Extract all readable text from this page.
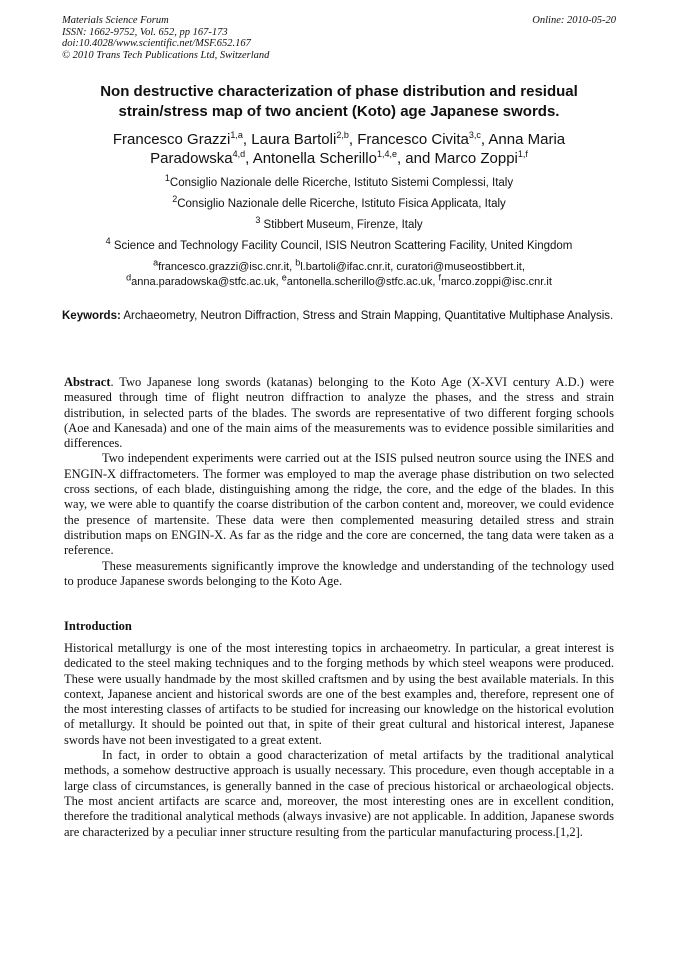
Materials Science Forum
ISSN: 1662-9752, Vol. 652, pp 167-173
doi:10.4028/www.scientific.net/MSF.652.167
© 2010 Trans Tech Publications Ltd, Switzerland
Online: 2010-05-20
Non destructive characterization of phase distribution and residual strain/stress map of two ancient (Koto) age Japanese swords.
Francesco Grazzi$^{1,a}$, Laura Bartoli$^{2,b}$, Francesco Civita$^{3,c}$, Anna Maria Paradowska$^{4,d}$, Antonella Scherillo$^{1,4,e}$, and Marco Zoppi$^{1,f}$
$^1$Consiglio Nazionale delle Ricerche, Istituto Sistemi Complessi, Italy
$^2$Consiglio Nazionale delle Ricerche, Istituto Fisica Applicata, Italy
$^3$ Stibbert Museum, Firenze, Italy
$^4$ Science and Technology Facility Council, ISIS Neutron Scattering Facility, United Kingdom
$^a$francesco.grazzi@isc.cnr.it, $^b$l.bartoli@ifac.cnr.it, curatori@museostibbert.it,
$^d$anna.paradowska@stfc.ac.uk, $^e$antonella.scherillo@stfc.ac.uk, $^f$marco.zoppi@isc.cnr.it
Keywords: Archaeometry, Neutron Diffraction, Stress and Strain Mapping, Quantitative Multiphase Analysis.

Abstract. Two Japanese long swords (katanas) belonging to the Koto Age (X-XVI century A.D.) were measured through time of flight neutron diffraction to analyze the phases, and the stress and strain distribution, in selected parts of the blades. The swords are representative of two different forging schools (Aoe and Kanesada) and one of the main aims of the measurements was to evidence possible similarities and differences.

Two independent experiments were carried out at the ISIS pulsed neutron source using the INES and ENGIN-X diffractometers. The former was employed to map the average phase distribution on two selected cross sections, of each blade, distinguishing among the ridge, the core, and the edge of the blades. In this way, we were able to quantify the coarse distribution of the carbon content and, moreover, we could evidence the presence of martensite. These data were then complemented measuring detailed stress and strain distribution maps on ENGIN-X. As far as the ridge and the core are concerned, the tang data were taken as a reference.

These measurements significantly improve the knowledge and understanding of the technology used to produce Japanese swords belonging to the Koto Age.

Introduction

Historical metallurgy is one of the most interesting topics in archaeometry. In particular, a great interest is dedicated to the steel making techniques and to the forging methods by which steel weapons were produced. These were usually handmade by the most skilled craftsmen and by using the best available materials. In this context, Japanese ancient and historical swords are one of the best examples and, therefore, represent one of the most interesting classes of artifacts to be studied for increasing our knowledge on the historical evolution of metallurgy. It should be pointed out that, in spite of their great cultural and historical interest, Japanese swords have not been investigated to a great extent.

In fact, in order to obtain a good characterization of metal artifacts by the traditional analytical methods, a somehow destructive approach is usually necessary. This procedure, even though acceptable in a large class of circumstances, is generally banned in the case of precious historical or archaeological objects. The most ancient artifacts are scarce and, moreover, the most interesting ones are in excellent condition, therefore the traditional analytical methods (always invasive) are not applicable. In addition, Japanese swords are characterized by a peculiar inner structure resulting from the particular manufacturing process.[1,2].
